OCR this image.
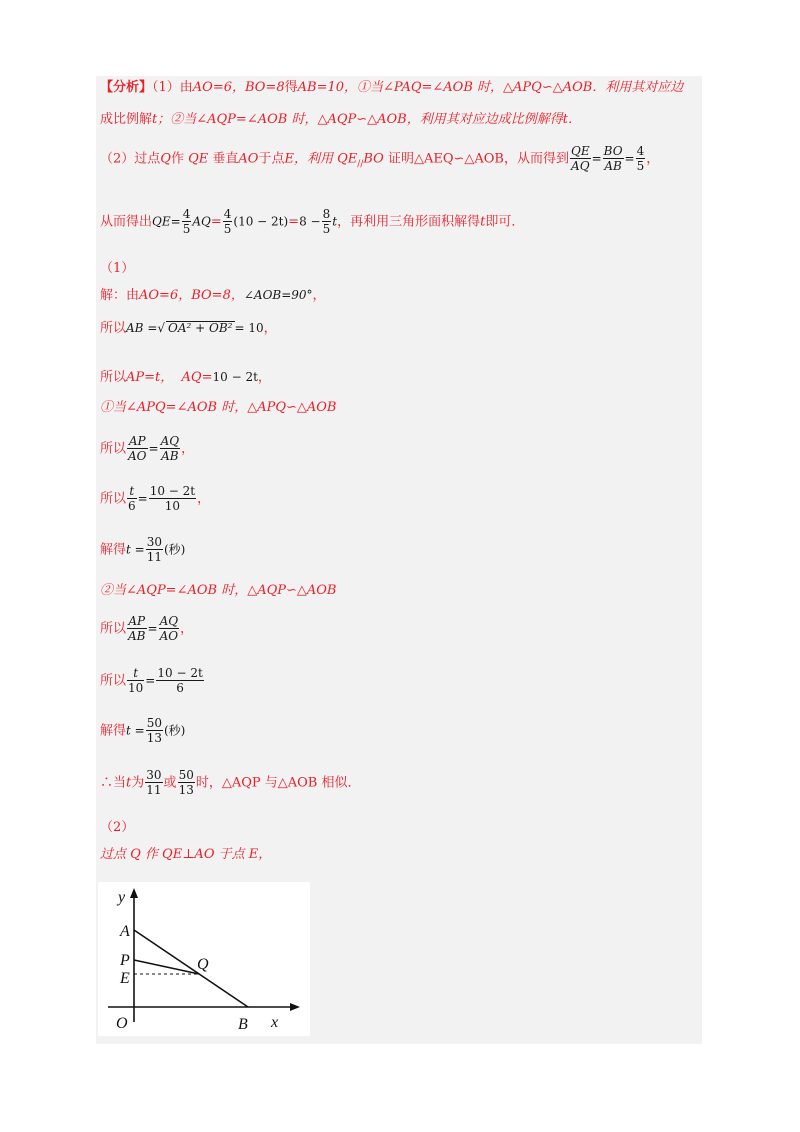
【分析】（1）由AO=6，BO=8得AB=10，①当∠PAQ=∠AOB 时，△APQ∽△AOB．利用其对应边
成比例解t；②当∠AQP=∠AOB 时，△AQP∽△AOB，利用其对应边成比例解得t．
（2）过点Q作 QE 垂直AO于点E，利用 $QE_{//}BO$ 证明△AEQ∽△AOB，从而得到 $\frac{QE}{AQ} = \frac{BO}{AB} = \frac{4}{5}$ ，
从而得出$QE= \frac{4}{5} AQ= \frac{4}{5} (10 - 2t)=8 - \frac{8}{5}$ t，再利用三角形面积解得t即可．
（1）
解：由AO=6，BO=8，∠AOB=90°，
所以AB =√ OA² + OB² = 10，
所以AP=t， AQ=10 − 2t，
①当∠APQ=∠AOB 时，△APQ∽△AOB
所以 $\frac{AP}{AO} = \frac{AQ}{AB}$ ，
所以 $\frac{t}{6} = \frac{10 - 2t}{10}$ ，
解得$t = \frac{30}{11}$ (秒)
②当∠AQP=∠AOB 时，△AQP∽△AOB
所以 $\frac{AP}{AB} = \frac{AQ}{AO}$ ，
所以 $\frac{t}{10} = \frac{10 - 2t}{6}$
解得$t = \frac{50}{13}$ (秒)
∴当t为 $\frac{30}{11}$ 或 $\frac{50}{13}$ 时，△AQP 与△AOB 相似．
（2）
过点 Q 作 QE⊥AO 于点 E，
y
A
P
E
Q
O	B x
